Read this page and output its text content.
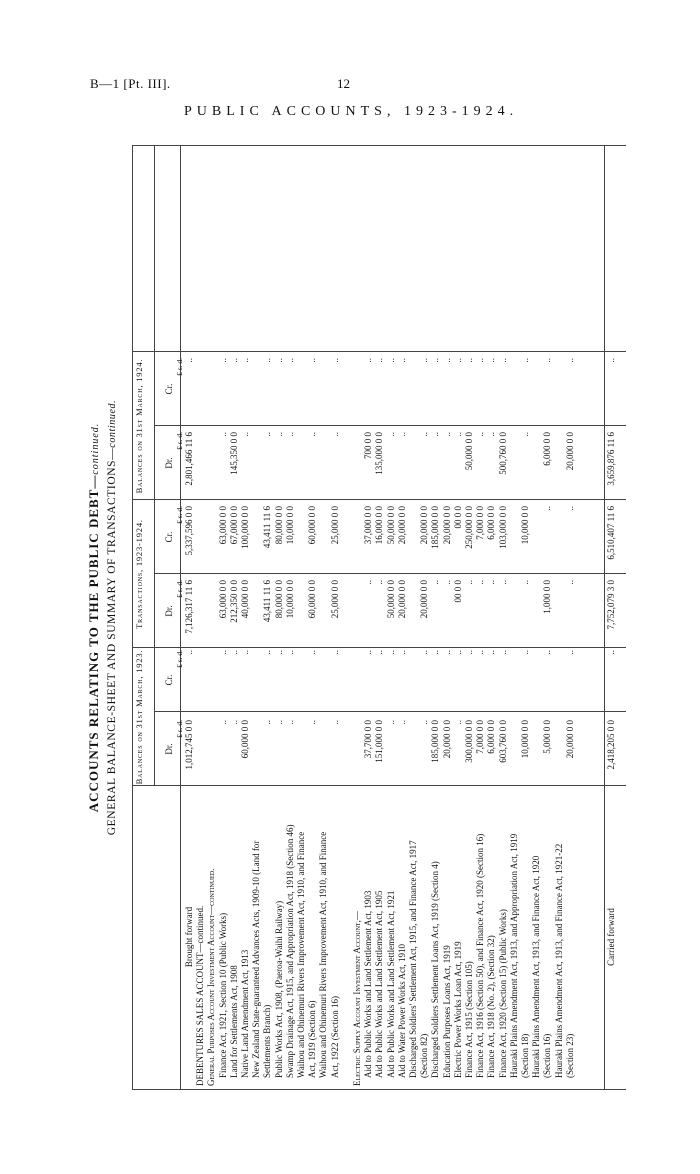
B—1 [Pt. III].	12
PUBLIC ACCOUNTS, 1923-1924.
ACCOUNTS RELATING TO THE PUBLIC DEBT—continued. GENERAL BALANCE-SHEET AND SUMMARY OF TRANSACTIONS—continued.
Balances on 31st March, 1923.
Transactions, 1923-1924.
Balances on 31st March, 1924.
Dr.
Cr.
Dr.
Cr.
Dr.
Cr.
Brought forward
1,012,745 0 0
..
7,126,317 11 6
5,337,596 0 0
2,801,466 11 6
..
DEBENTURES SALES ACCOUNT—continued. General Purposes Account Investment Account—continued. Finance Act, 1921, Section 10 (Public Works)
..
..
63,000 0 0
63,000 0 0
..
..
Land for Settlements Act, 1908
..
..
212,350 0 0
67,000 0 0
145,350 0 0
..
Native Land Amendment Act, 1913
60,000 0 0
..
40,000 0 0
100,000 0 0
..
..
New Zealand State-guaranteed Advances Acts, 1909-10 (Land for Settlements Branch)
..
..
43,411 11 6
43,411 11 6
..
..
Public Works Act, 1908, (Paeroa-Waihi Railway)
..
..
80,000 0 0
80,000 0 0
..
..
Swamp Drainage Act, 1915, and Appropriation Act, 1918 (Section 46)
..
..
10,000 0 0
10,000 0 0
..
..
Waihou and Ohinemuri Rivers Improvement Act, 1910, and Finance Act, 1919 (Section 6)
..
..
60,000 0 0
60,000 0 0
..
..
Waihou and Ohinemuri Rivers Improvement Act, 1910, and Finance Act, 1922 (Section 16)
..
..
25,000 0 0
25,000 0 0
..
..
Electric Supply Account Investment Account,— Aid to Public Works and Land Settlement Act, 1903
37,700 0 0
..
..
37,000 0 0
700 0 0
..
Aid to Public Works and Land Settlement Act, 1905
151,000 0 0
..
..
16,000 0 0
135,000 0 0
..
Aid to Public Works and Land Settlement Act, 1921
..
..
50,000 0 0
50,000 0 0
..
..
Aid to Water Power Works Act, 1910
..
..
20,000 0 0
20,000 0 0
..
..
Discharged Soldiers' Settlement Act, 1915, and Finance Act, 1917 (Section 82)
..
..
20,000 0 0
20,000 0 0
..
..
Discharged Soldiers Settlement Loans Act, 1919 (Section 4)
185,000 0 0
..
..
185,000 0 0
..
..
Education Purposes Loans Act, 1919
20,000 0 0
..
..
20,000 0 0
..
..
Electric Power Works Loan Act, 1919
..
..
00 0 0
00 0 0
..
..
Finance Act, 1915 (Section 105)
300,000 0 0
..
..
250,000 0 0
50,000 0 0
..
Finance Act, 1916 (Section 50), and Finance Act, 1920 (Section 16)
7,000 0 0
..
..
7,000 0 0
..
..
Finance Act, 1918 (No. 2), (Section 32)
6,000 0 0
..
..
6,000 0 0
..
..
Finance Act, 1920 (Section 15) (Public Works)
603,760 0 0
..
..
103,000 0 0
500,760 0 0
..
Hauraki Plains Amendment Act, 1913, and Appropriation Act, 1919 (Section 18)
10,000 0 0
..
..
10,000 0 0
..
..
Hauraki Plains Amendment Act, 1913, and Finance Act, 1920 (Section 16)
5,000 0 0
..
1,000 0 0
..
6,000 0 0
..
Hauraki Plains Amendment Act, 1913, and Finance Act, 1921-22 (Section 23)
20,000 0 0
..
..
..
20,000 0 0
..
Carried forward
2,418,205 0 0
..
7,752,079 3 0
6,510,407 11 6
3,659,876 11 6
..
£ s. d.
£ s. d.
£ s. d.
£ s. d.
£ s. d.
£ s. d.
